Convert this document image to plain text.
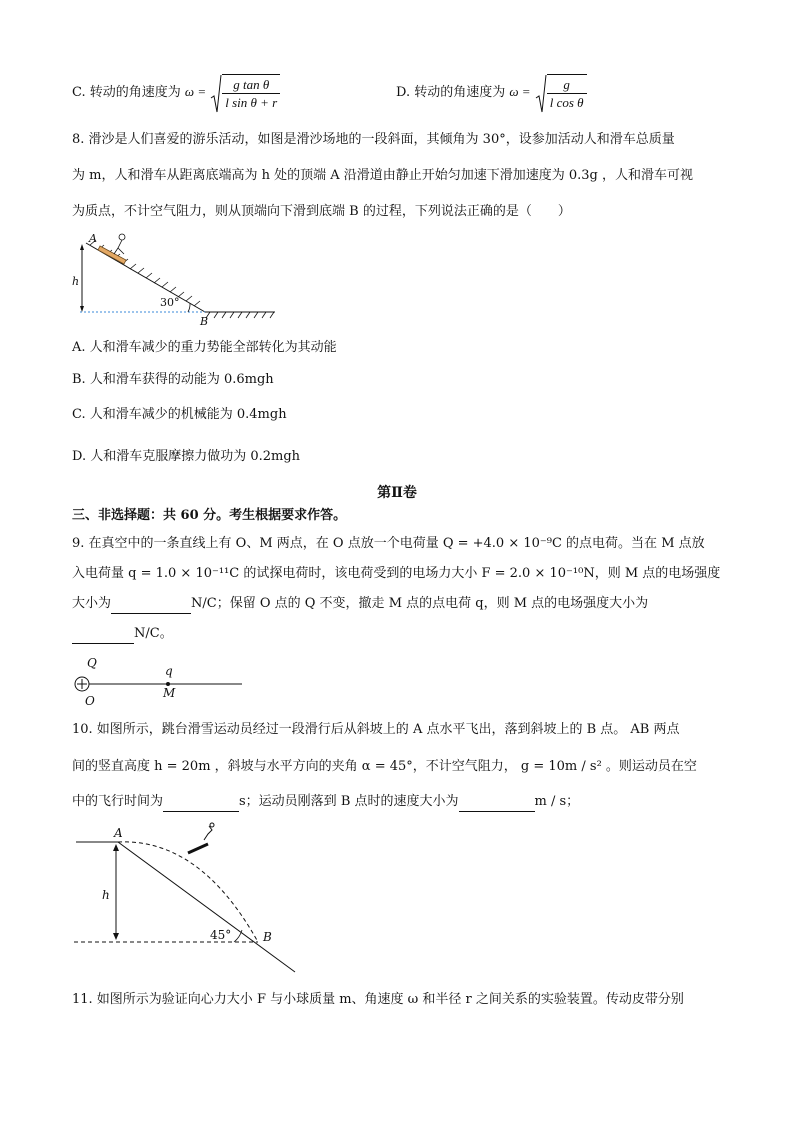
C. 转动的角速度为 $\omega = \frac{\text{g tan θ}}{\text{l sin θ + r}}$	D. 转动的角速度为 $\omega = \frac{g}{\text{l cos θ}}$
8. 滑沙是人们喜爱的游乐活动，如图是滑沙场地的一段斜面，其倾角为 30°，设参加活动人和滑车总质量
为 m，人和滑车从距离底端高为 h 处的顶端 A 沿滑道由静止开始匀加速下滑加速度为 0.3g ，人和滑车可视
为质点，不计空气阻力，则从顶端向下滑到底端 B 的过程，下列说法正确的是（　　）
A
h
30°
B
A. 人和滑车减少的重力势能全部转化为其动能
B. 人和滑车获得的动能为 0.6mgh
C. 人和滑车减少的机械能为 0.4mgh
D. 人和滑车克服摩擦力做功为 0.2mgh
第Ⅱ卷
三、非选择题：共 60 分。考生根据要求作答。
9. 在真空中的一条直线上有 O、M 两点，在 O 点放一个电荷量 Q = +4.0 × 10⁻⁹C 的点电荷。当在 M 点放
入电荷量 q = 1.0 × 10⁻¹¹C 的试探电荷时，该电荷受到的电场力大小 F = 2.0 × 10⁻¹⁰N，则 M 点的电场强度
大小为	N/C；保留 O 点的 Q 不变，撤走 M 点的点电荷 q，则 M 点的电场强度大小为
N/C。
Q
O
q
M
10. 如图所示，跳台滑雪运动员经过一段滑行后从斜坡上的 A 点水平飞出，落到斜坡上的 B 点。 AB 两点
间的竖直高度 h = 20m ，斜坡与水平方向的夹角 α = 45°，不计空气阻力， g = 10m / s² 。则运动员在空
中的飞行时间为	s；运动员刚落到 B 点时的速度大小为	m / s；
A
h
45°	B
11. 如图所示为验证向心力大小 F 与小球质量 m、角速度 ω 和半径 r 之间关系的实验装置。传动皮带分别
